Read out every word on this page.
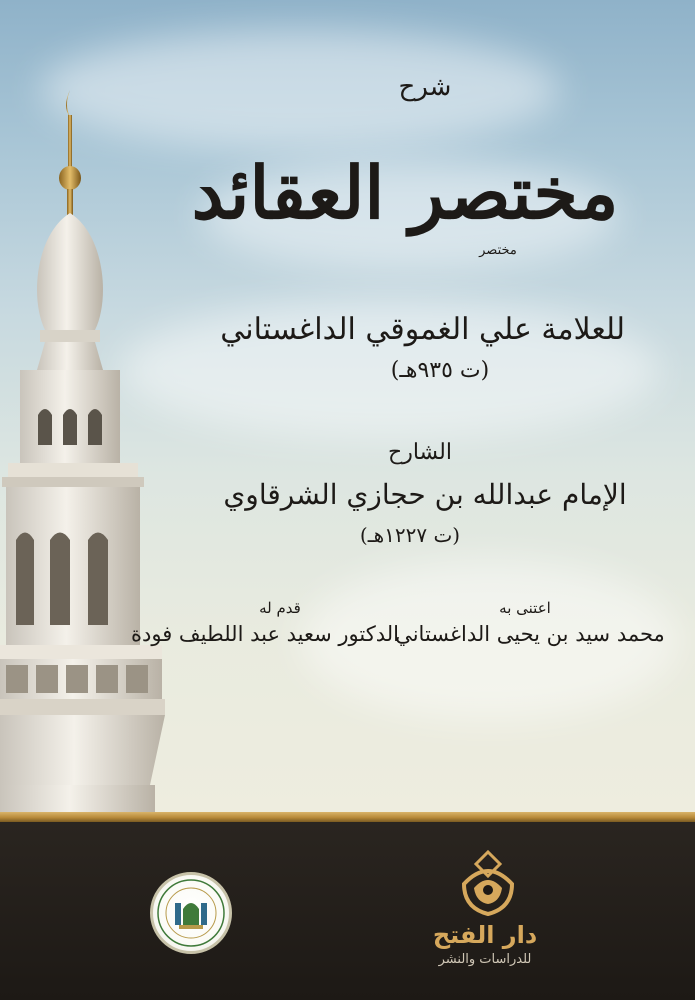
شرح
مختصر العقائد
مختصر
للعلامة علي الغموقي الداغستاني
(ت ٩٣٥هـ)
الشارح
الإمام عبدالله بن حجازي الشرقاوي
(ت ١٢٢٧هـ)
اعتنى به
محمد سيد بن يحيى الداغستاني
قدم له
الدكتور سعيد عبد اللطيف فودة
دار الفتح
للدراسات والنشر
